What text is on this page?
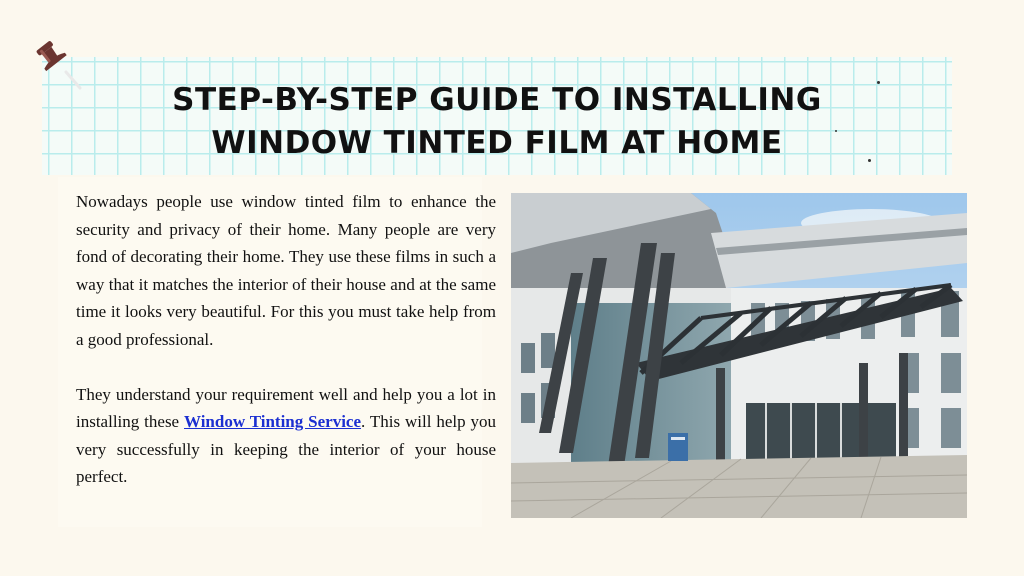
STEP-BY-STEP GUIDE TO INSTALLING
WINDOW TINTED FILM AT HOME

Nowadays people use window tinted film to enhance the security and privacy of their home. Many people are very fond of decorating their home. They use these films in such a way that it matches the interior of their house and at the same time it looks very beautiful. For this you must take help from a good professional.

They understand your requirement well and help you a lot in installing these Window Tinting Service. This will help you very successfully in keeping the interior of your house perfect.
